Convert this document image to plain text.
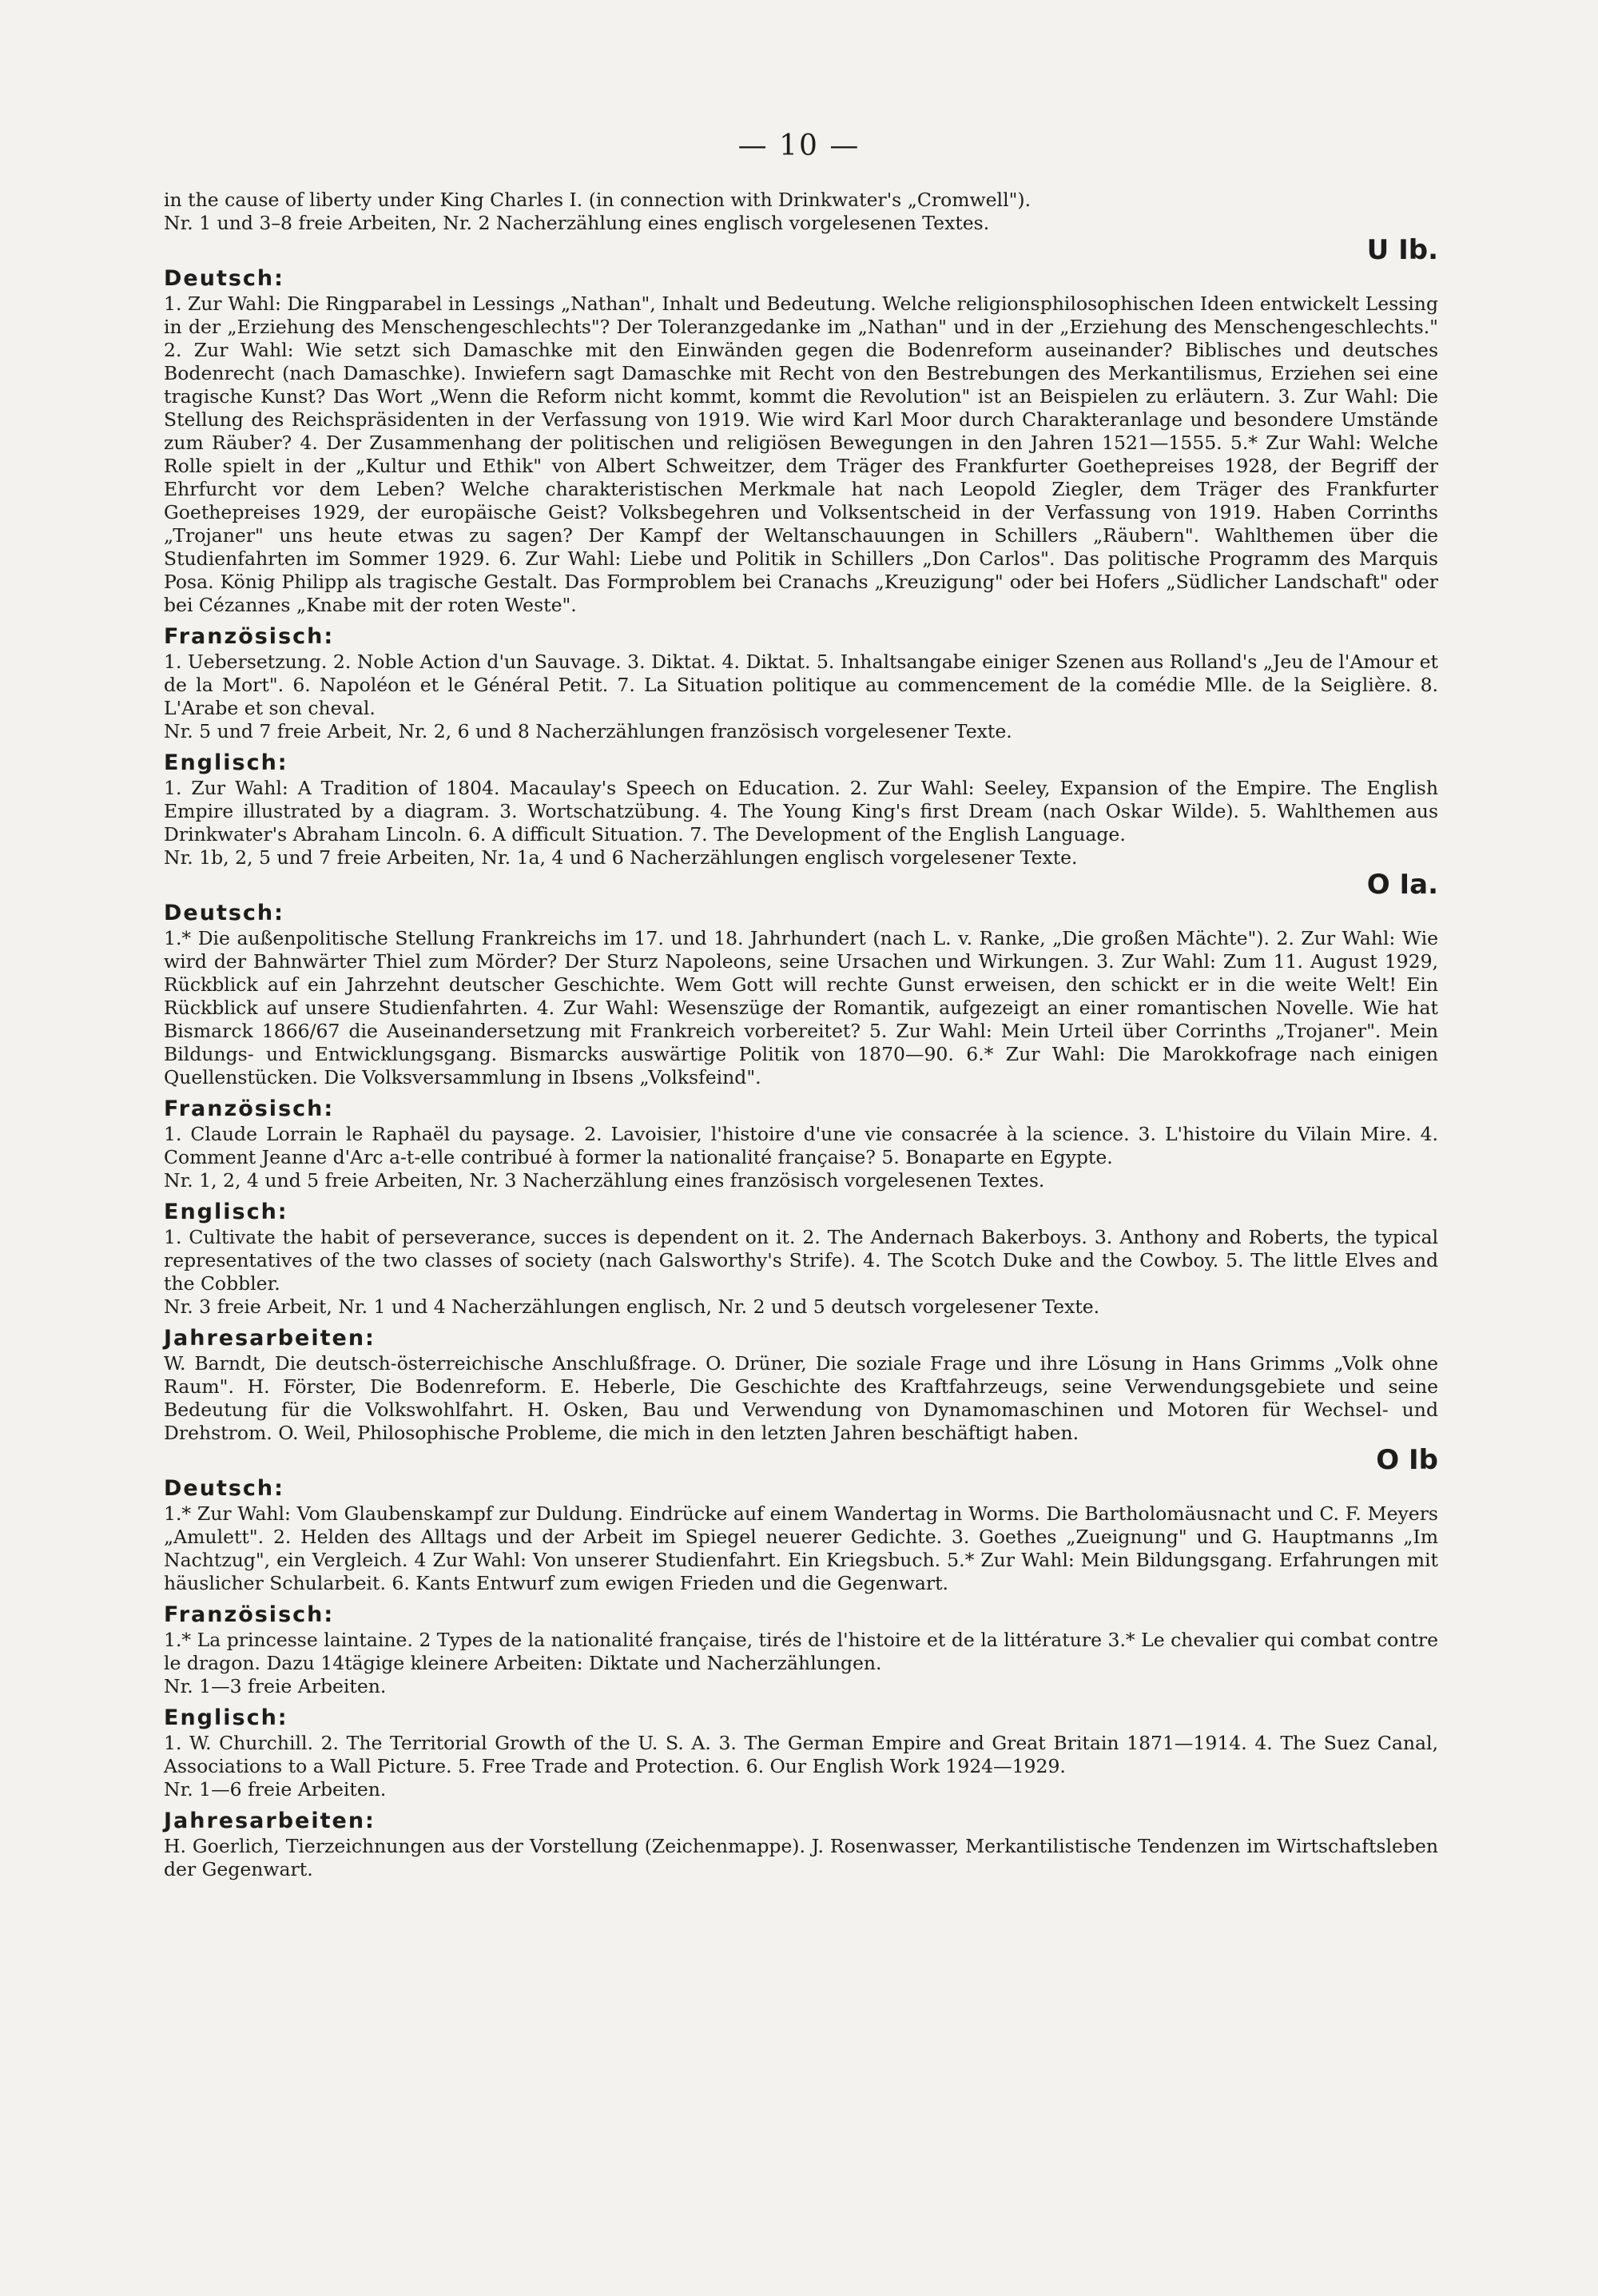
— 10 —

in the cause of liberty under King Charles I. (in connection with Drinkwater's „Cromwell").

Nr. 1 und 3–8 freie Arbeiten, Nr. 2 Nacherzählung eines englisch vorgelesenen Textes.

U Ib.

Deutsch:

1. Zur Wahl: Die Ringparabel in Lessings „Nathan", Inhalt und Bedeutung. Welche religionsphilosophischen Ideen entwickelt Lessing in der „Erziehung des Menschengeschlechts"? Der Toleranzgedanke im „Nathan" und in der „Erziehung des Menschengeschlechts." 2. Zur Wahl: Wie setzt sich Damaschke mit den Einwänden gegen die Bodenreform auseinander? Biblisches und deutsches Bodenrecht (nach Damaschke). Inwiefern sagt Damaschke mit Recht von den Bestrebungen des Merkantilismus, Erziehen sei eine tragische Kunst? Das Wort „Wenn die Reform nicht kommt, kommt die Revolution" ist an Beispielen zu erläutern. 3. Zur Wahl: Die Stellung des Reichspräsidenten in der Verfassung von 1919. Wie wird Karl Moor durch Charakteranlage und besondere Umstände zum Räuber? 4. Der Zusammenhang der politischen und religiösen Bewegungen in den Jahren 1521—1555. 5.* Zur Wahl: Welche Rolle spielt in der „Kultur und Ethik" von Albert Schweitzer, dem Träger des Frankfurter Goethepreises 1928, der Begriff der Ehrfurcht vor dem Leben? Welche charakteristischen Merkmale hat nach Leopold Ziegler, dem Träger des Frankfurter Goethepreises 1929, der europäische Geist? Volksbegehren und Volksentscheid in der Verfassung von 1919. Haben Corrinths „Trojaner" uns heute etwas zu sagen? Der Kampf der Weltanschauungen in Schillers „Räubern". Wahlthemen über die Studienfahrten im Sommer 1929. 6. Zur Wahl: Liebe und Politik in Schillers „Don Carlos". Das politische Programm des Marquis Posa. König Philipp als tragische Gestalt. Das Formproblem bei Cranachs „Kreuzigung" oder bei Hofers „Südlicher Landschaft" oder bei Cézannes „Knabe mit der roten Weste".

Französisch:

1. Uebersetzung. 2. Noble Action d'un Sauvage. 3. Diktat. 4. Diktat. 5. Inhaltsangabe einiger Szenen aus Rolland's „Jeu de l'Amour et de la Mort". 6. Napoléon et le Général Petit. 7. La Situation politique au commencement de la comédie Mlle. de la Seiglière. 8. L'Arabe et son cheval.

Nr. 5 und 7 freie Arbeit, Nr. 2, 6 und 8 Nacherzählungen französisch vorgelesener Texte.

Englisch:

1. Zur Wahl: A Tradition of 1804. Macaulay's Speech on Education. 2. Zur Wahl: Seeley, Expansion of the Empire. The English Empire illustrated by a diagram. 3. Wortschatzübung. 4. The Young King's first Dream (nach Oskar Wilde). 5. Wahlthemen aus Drinkwater's Abraham Lincoln. 6. A difficult Situation. 7. The Development of the English Language.

Nr. 1b, 2, 5 und 7 freie Arbeiten, Nr. 1a, 4 und 6 Nacherzählungen englisch vorgelesener Texte.

O Ia.

Deutsch:

1.* Die außenpolitische Stellung Frankreichs im 17. und 18. Jahrhundert (nach L. v. Ranke, „Die großen Mächte"). 2. Zur Wahl: Wie wird der Bahnwärter Thiel zum Mörder? Der Sturz Napoleons, seine Ursachen und Wirkungen. 3. Zur Wahl: Zum 11. August 1929, Rückblick auf ein Jahrzehnt deutscher Geschichte. Wem Gott will rechte Gunst erweisen, den schickt er in die weite Welt! Ein Rückblick auf unsere Studienfahrten. 4. Zur Wahl: Wesenszüge der Romantik, aufgezeigt an einer romantischen Novelle. Wie hat Bismarck 1866/67 die Auseinandersetzung mit Frankreich vorbereitet? 5. Zur Wahl: Mein Urteil über Corrinths „Trojaner". Mein Bildungs- und Entwicklungsgang. Bismarcks auswärtige Politik von 1870—90. 6.* Zur Wahl: Die Marokkofrage nach einigen Quellenstücken. Die Volksversammlung in Ibsens „Volksfeind".

Französisch:

1. Claude Lorrain le Raphaël du paysage. 2. Lavoisier, l'histoire d'une vie consacrée à la science. 3. L'histoire du Vilain Mire. 4. Comment Jeanne d'Arc a-t-elle contribué à former la nationalité française? 5. Bonaparte en Egypte.

Nr. 1, 2, 4 und 5 freie Arbeiten, Nr. 3 Nacherzählung eines französisch vorgelesenen Textes.

Englisch:

1. Cultivate the habit of perseverance, succes is dependent on it. 2. The Andernach Bakerboys. 3. Anthony and Roberts, the typical representatives of the two classes of society (nach Galsworthy's Strife). 4. The Scotch Duke and the Cowboy. 5. The little Elves and the Cobbler.

Nr. 3 freie Arbeit, Nr. 1 und 4 Nacherzählungen englisch, Nr. 2 und 5 deutsch vorgelesener Texte.

Jahresarbeiten:

W. Barndt, Die deutsch-österreichische Anschlußfrage. O. Drüner, Die soziale Frage und ihre Lösung in Hans Grimms „Volk ohne Raum". H. Förster, Die Bodenreform. E. Heberle, Die Geschichte des Kraftfahrzeugs, seine Verwendungsgebiete und seine Bedeutung für die Volkswohlfahrt. H. Osken, Bau und Verwendung von Dynamomaschinen und Motoren für Wechsel- und Drehstrom. O. Weil, Philosophische Probleme, die mich in den letzten Jahren beschäftigt haben.

O Ib

Deutsch:

1.* Zur Wahl: Vom Glaubenskampf zur Duldung. Eindrücke auf einem Wandertag in Worms. Die Bartholomäusnacht und C. F. Meyers „Amulett". 2. Helden des Alltags und der Arbeit im Spiegel neuerer Gedichte. 3. Goethes „Zueignung" und G. Hauptmanns „Im Nachtzug", ein Vergleich. 4 Zur Wahl: Von unserer Studienfahrt. Ein Kriegsbuch. 5.* Zur Wahl: Mein Bildungsgang. Erfahrungen mit häuslicher Schularbeit. 6. Kants Entwurf zum ewigen Frieden und die Gegenwart.

Französisch:

1.* La princesse laintaine. 2 Types de la nationalité française, tirés de l'histoire et de la littérature 3.* Le chevalier qui combat contre le dragon. Dazu 14tägige kleinere Arbeiten: Diktate und Nacherzählungen.

Nr. 1—3 freie Arbeiten.

Englisch:

1. W. Churchill. 2. The Territorial Growth of the U. S. A. 3. The German Empire and Great Britain 1871—1914. 4. The Suez Canal, Associations to a Wall Picture. 5. Free Trade and Protection. 6. Our English Work 1924—1929.

Nr. 1—6 freie Arbeiten.

Jahresarbeiten:

H. Goerlich, Tierzeichnungen aus der Vorstellung (Zeichenmappe). J. Rosenwasser, Merkantilistische Tendenzen im Wirtschaftsleben der Gegenwart.
